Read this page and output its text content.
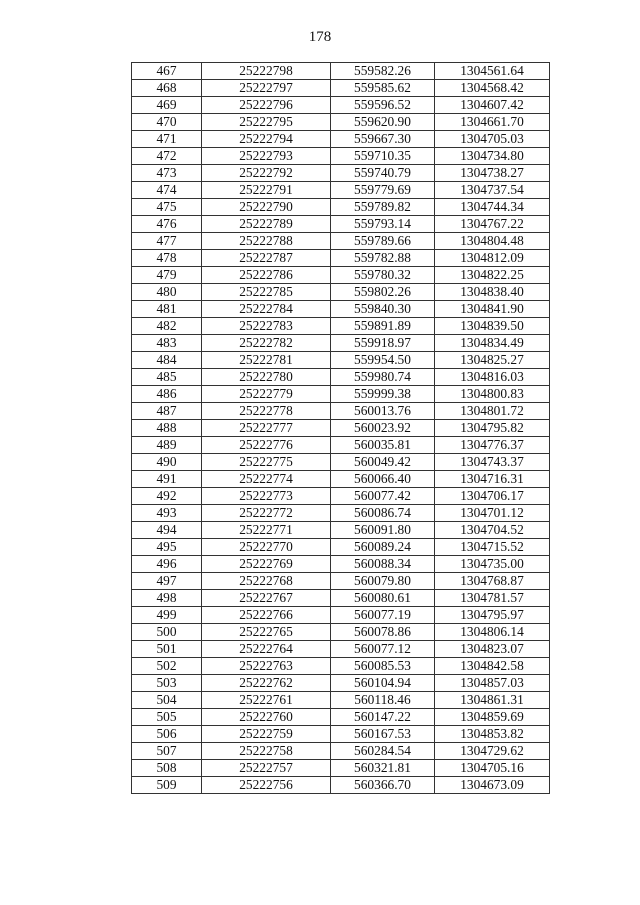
178
467	25222798	559582.26	1304561.64
468	25222797	559585.62	1304568.42
469	25222796	559596.52	1304607.42
470	25222795	559620.90	1304661.70
471	25222794	559667.30	1304705.03
472	25222793	559710.35	1304734.80
473	25222792	559740.79	1304738.27
474	25222791	559779.69	1304737.54
475	25222790	559789.82	1304744.34
476	25222789	559793.14	1304767.22
477	25222788	559789.66	1304804.48
478	25222787	559782.88	1304812.09
479	25222786	559780.32	1304822.25
480	25222785	559802.26	1304838.40
481	25222784	559840.30	1304841.90
482	25222783	559891.89	1304839.50
483	25222782	559918.97	1304834.49
484	25222781	559954.50	1304825.27
485	25222780	559980.74	1304816.03
486	25222779	559999.38	1304800.83
487	25222778	560013.76	1304801.72
488	25222777	560023.92	1304795.82
489	25222776	560035.81	1304776.37
490	25222775	560049.42	1304743.37
491	25222774	560066.40	1304716.31
492	25222773	560077.42	1304706.17
493	25222772	560086.74	1304701.12
494	25222771	560091.80	1304704.52
495	25222770	560089.24	1304715.52
496	25222769	560088.34	1304735.00
497	25222768	560079.80	1304768.87
498	25222767	560080.61	1304781.57
499	25222766	560077.19	1304795.97
500	25222765	560078.86	1304806.14
501	25222764	560077.12	1304823.07
502	25222763	560085.53	1304842.58
503	25222762	560104.94	1304857.03
504	25222761	560118.46	1304861.31
505	25222760	560147.22	1304859.69
506	25222759	560167.53	1304853.82
507	25222758	560284.54	1304729.62
508	25222757	560321.81	1304705.16
509	25222756	560366.70	1304673.09
